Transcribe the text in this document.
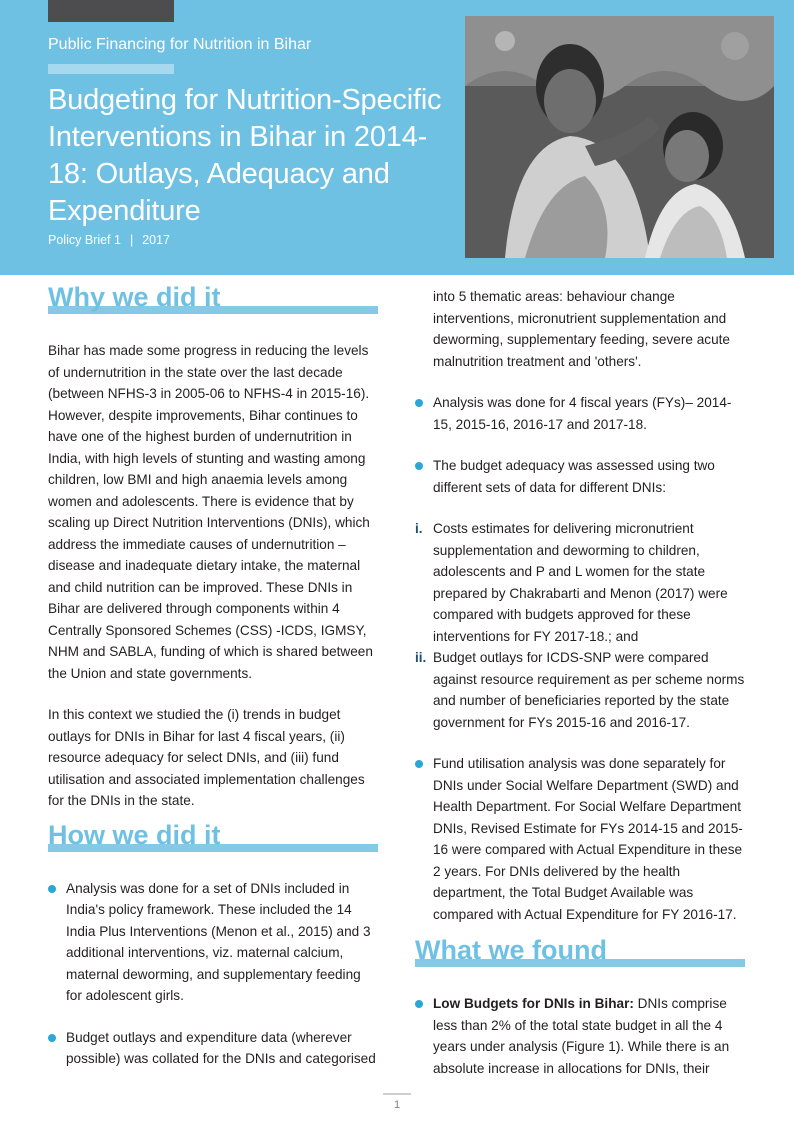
Public Financing for Nutrition in Bihar
Budgeting for Nutrition-Specific Interventions in Bihar in 2014-18: Outlays, Adequacy and Expenditure

Policy Brief 1 | 2017

Why we did it

Bihar has made some progress in reducing the levels of undernutrition in the state over the last decade (between NFHS-3 in 2005-06 to NFHS-4 in 2015-16). However, despite improvements, Bihar continues to have one of the highest burden of undernutrition in India, with high levels of stunting and wasting among children, low BMI and high anaemia levels among women and adolescents. There is evidence that by scaling up Direct Nutrition Interventions (DNIs), which address the immediate causes of undernutrition – disease and inadequate dietary intake, the maternal and child nutrition can be improved. These DNIs in Bihar are delivered through components within 4 Centrally Sponsored Schemes (CSS) -ICDS, IGMSY, NHM and SABLA, funding of which is shared between the Union and state governments.

In this context we studied the (i) trends in budget outlays for DNIs in Bihar for last 4 fiscal years, (ii) resource adequacy for select DNIs, and (iii) fund utilisation and associated implementation challenges for the DNIs in the state.

How we did it
Analysis was done for a set of DNIs included in India's policy framework. These included the 14 India Plus Interventions (Menon et al., 2015) and 3 additional interventions, viz. maternal calcium, maternal deworming, and supplementary feeding for adolescent girls.
Budget outlays and expenditure data (wherever possible) was collated for the DNIs and categorised
into 5 thematic areas: behaviour change interventions, micronutrient supplementation and deworming, supplementary feeding, severe acute malnutrition treatment and 'others'.
Analysis was done for 4 fiscal years (FYs)– 2014-15, 2015-16, 2016-17 and 2017-18.
The budget adequacy was assessed using two different sets of data for different DNIs:
i. Costs estimates for delivering micronutrient supplementation and deworming to children, adolescents and P and L women for the state prepared by Chakrabarti and Menon (2017) were compared with budgets approved for these interventions for FY 2017-18.; and
ii. Budget outlays for ICDS-SNP were compared against resource requirement as per scheme norms and number of beneficiaries reported by the state government for FYs 2015-16 and 2016-17.
Fund utilisation analysis was done separately for DNIs under Social Welfare Department (SWD) and Health Department. For Social Welfare Department DNIs, Revised Estimate for FYs 2014-15 and 2015-16 were compared with Actual Expenditure in these 2 years. For DNIs delivered by the health department, the Total Budget Available was compared with Actual Expenditure for FY 2016-17.
What we found
Low Budgets for DNIs in Bihar: DNIs comprise less than 2% of the total state budget in all the 4 years under analysis (Figure 1). While there is an absolute increase in allocations for DNIs, their
1
